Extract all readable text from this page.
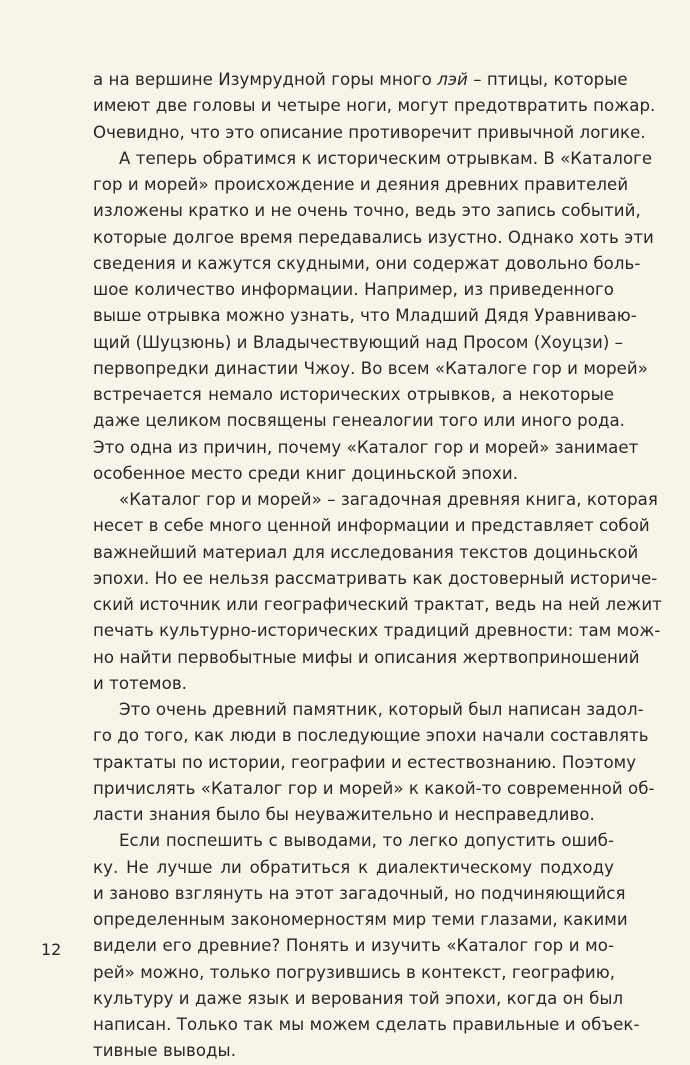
а на вершине Изумрудной горы много лэй – птицы, которые
имеют две головы и четыре ноги, могут предотвратить пожар.
Очевидно, что это описание противоречит привычной логике.
А теперь обратимся к историческим отрывкам. В «Каталоге
гор и морей» происхождение и деяния древних правителей
изложены кратко и не очень точно, ведь это запись событий,
которые долгое время передавались изустно. Однако хоть эти
сведения и кажутся скудными, они содержат довольно боль-
шое количество информации. Например, из приведенного
выше отрывка можно узнать, что Младший Дядя Уравниваю-
щий (Шуцзюнь) и Владычествующий над Просом (Хоуцзи) –
первопредки династии Чжоу. Во всем «Каталоге гор и морей»
встречается немало исторических отрывков, а некоторые
даже целиком посвящены генеалогии того или иного рода.
Это одна из причин, почему «Каталог гор и морей» занимает
особенное место среди книг доциньской эпохи.
«Каталог гор и морей» – загадочная древняя книга, которая
несет в себе много ценной информации и представляет собой
важнейший материал для исследования текстов доциньской
эпохи. Но ее нельзя рассматривать как достоверный историче-
ский источник или географический трактат, ведь на ней лежит
печать культурно-исторических традиций древности: там мож-
но найти первобытные мифы и описания жертвоприношений
и тотемов.
Это очень древний памятник, который был написан задол-
го до того, как люди в последующие эпохи начали составлять
трактаты по истории, географии и естествознанию. Поэтому
причислять «Каталог гор и морей» к какой-то современной об-
ласти знания было бы неуважительно и несправедливо.
Если поспешить с выводами, то легко допустить ошиб-
ку. Не лучше ли обратиться к диалектическому подходу
и заново взглянуть на этот загадочный, но подчиняющийся
определенным закономерностям мир теми глазами, какими
видели его древние? Понять и изучить «Каталог гор и мо-
рей» можно, только погрузившись в контекст, географию,
культуру и даже язык и верования той эпохи, когда он был
написан. Только так мы можем сделать правильные и объек-
тивные выводы.
12
